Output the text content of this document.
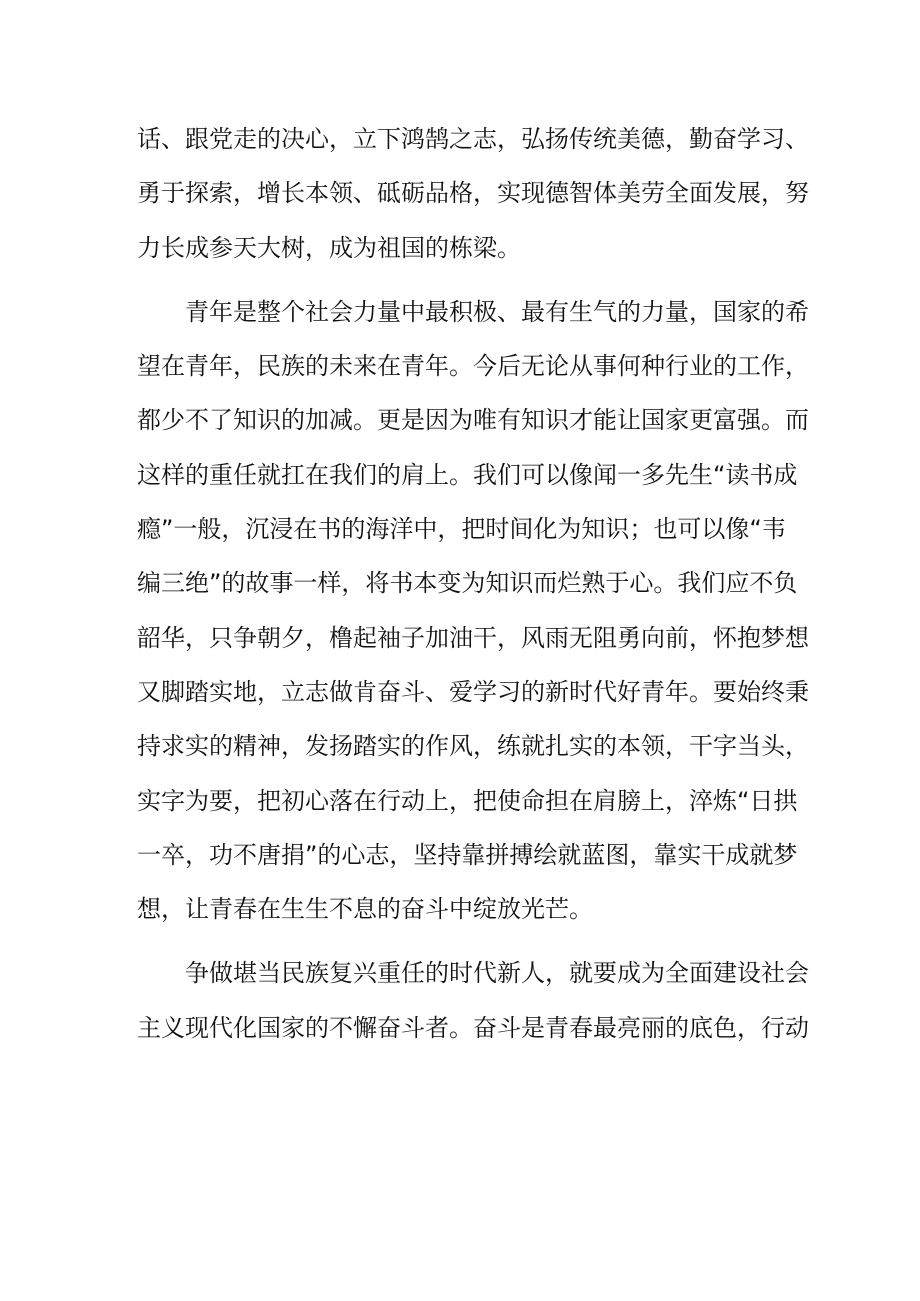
话、跟党走的决心，立下鸿鹄之志，弘扬传统美德，勤奋学习、
勇于探索，增长本领、砥砺品格，实现德智体美劳全面发展，努
力长成参天大树，成为祖国的栋梁。
青年是整个社会力量中最积极、最有生气的力量，国家的希
望在青年，民族的未来在青年。今后无论从事何种行业的工作，
都少不了知识的加减。更是因为唯有知识才能让国家更富强。而
这样的重任就扛在我们的肩上。我们可以像闻一多先生“读书成
瘾”一般，沉浸在书的海洋中，把时间化为知识；也可以像“韦
编三绝”的故事一样，将书本变为知识而烂熟于心。我们应不负
韶华，只争朝夕，橹起袖子加油干，风雨无阻勇向前，怀抱梦想
又脚踏实地，立志做肯奋斗、爱学习的新时代好青年。要始终秉
持求实的精神，发扬踏实的作风，练就扎实的本领，干字当头，
实字为要，把初心落在行动上，把使命担在肩膀上，淬炼“日拱
一卒，功不唐捐”的心志，坚持靠拼搏绘就蓝图，靠实干成就梦
想，让青春在生生不息的奋斗中绽放光芒。
争做堪当民族复兴重任的时代新人，就要成为全面建设社会
主义现代化国家的不懈奋斗者。奋斗是青春最亮丽的底色，行动
